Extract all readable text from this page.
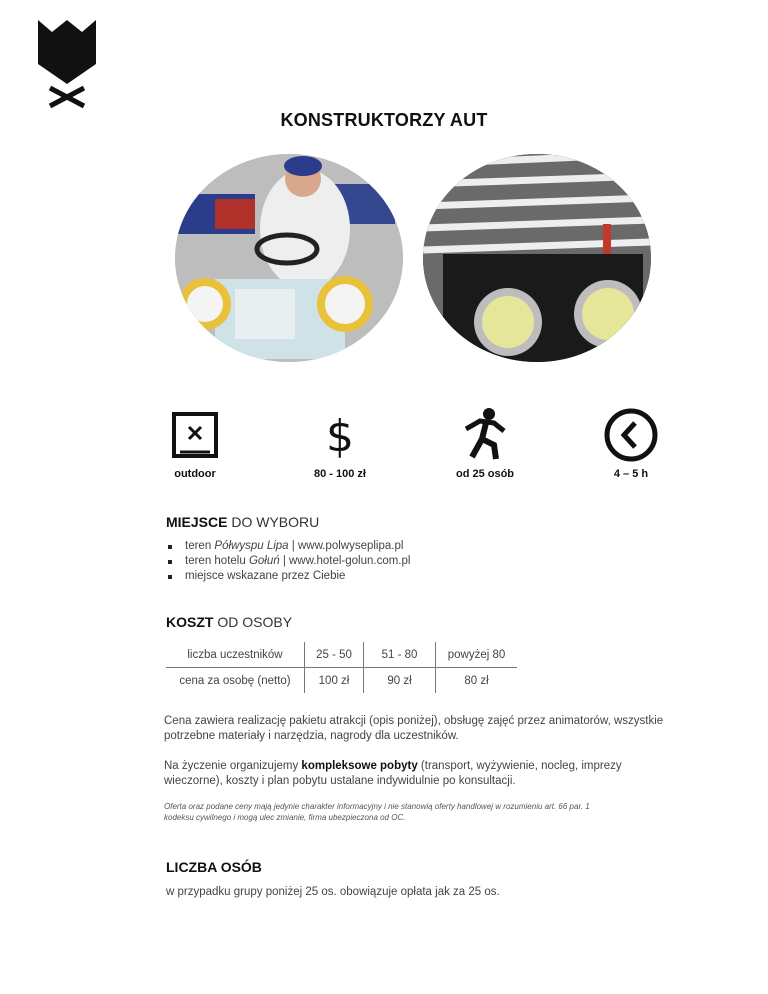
KONSTRUKTORZY AUT
outdoor
$
80 - 100 zł	od 25 osób	4 – 5 h
MIEJSCE DO WYBORU
teren Półwyspu Lipa | www.polwyseplipa.pl
teren hotelu Gołuń | www.hotel-golun.com.pl
miejsce wskazane przez Ciebie
KOSZT OD OSOBY
liczba uczestników	25 - 50	51 - 80	powyżej 80
cena za osobę (netto)	100 zł	90 zł	80 zł
Cena zawiera realizację pakietu atrakcji (opis poniżej), obsługę zajęć przez animatorów, wszystkie potrzebne materiały i narzędzia, nagrody dla uczestników.
Na życzenie organizujemy kompleksowe pobyty (transport, wyżywienie, nocleg, imprezy wieczorne), koszty i plan pobytu ustalane indywidulnie po konsultacji.
Oferta oraz podane ceny mają jedynie charakter informacyjny i nie stanowią oferty handlowej w rozumieniu art. 66 par. 1 kodeksu cywilnego i mogą ulec zmianie, firma ubezpieczona od OC.
LICZBA OSÓB
w przypadku grupy poniżej 25 os. obowiązuje opłata jak za 25 os.
